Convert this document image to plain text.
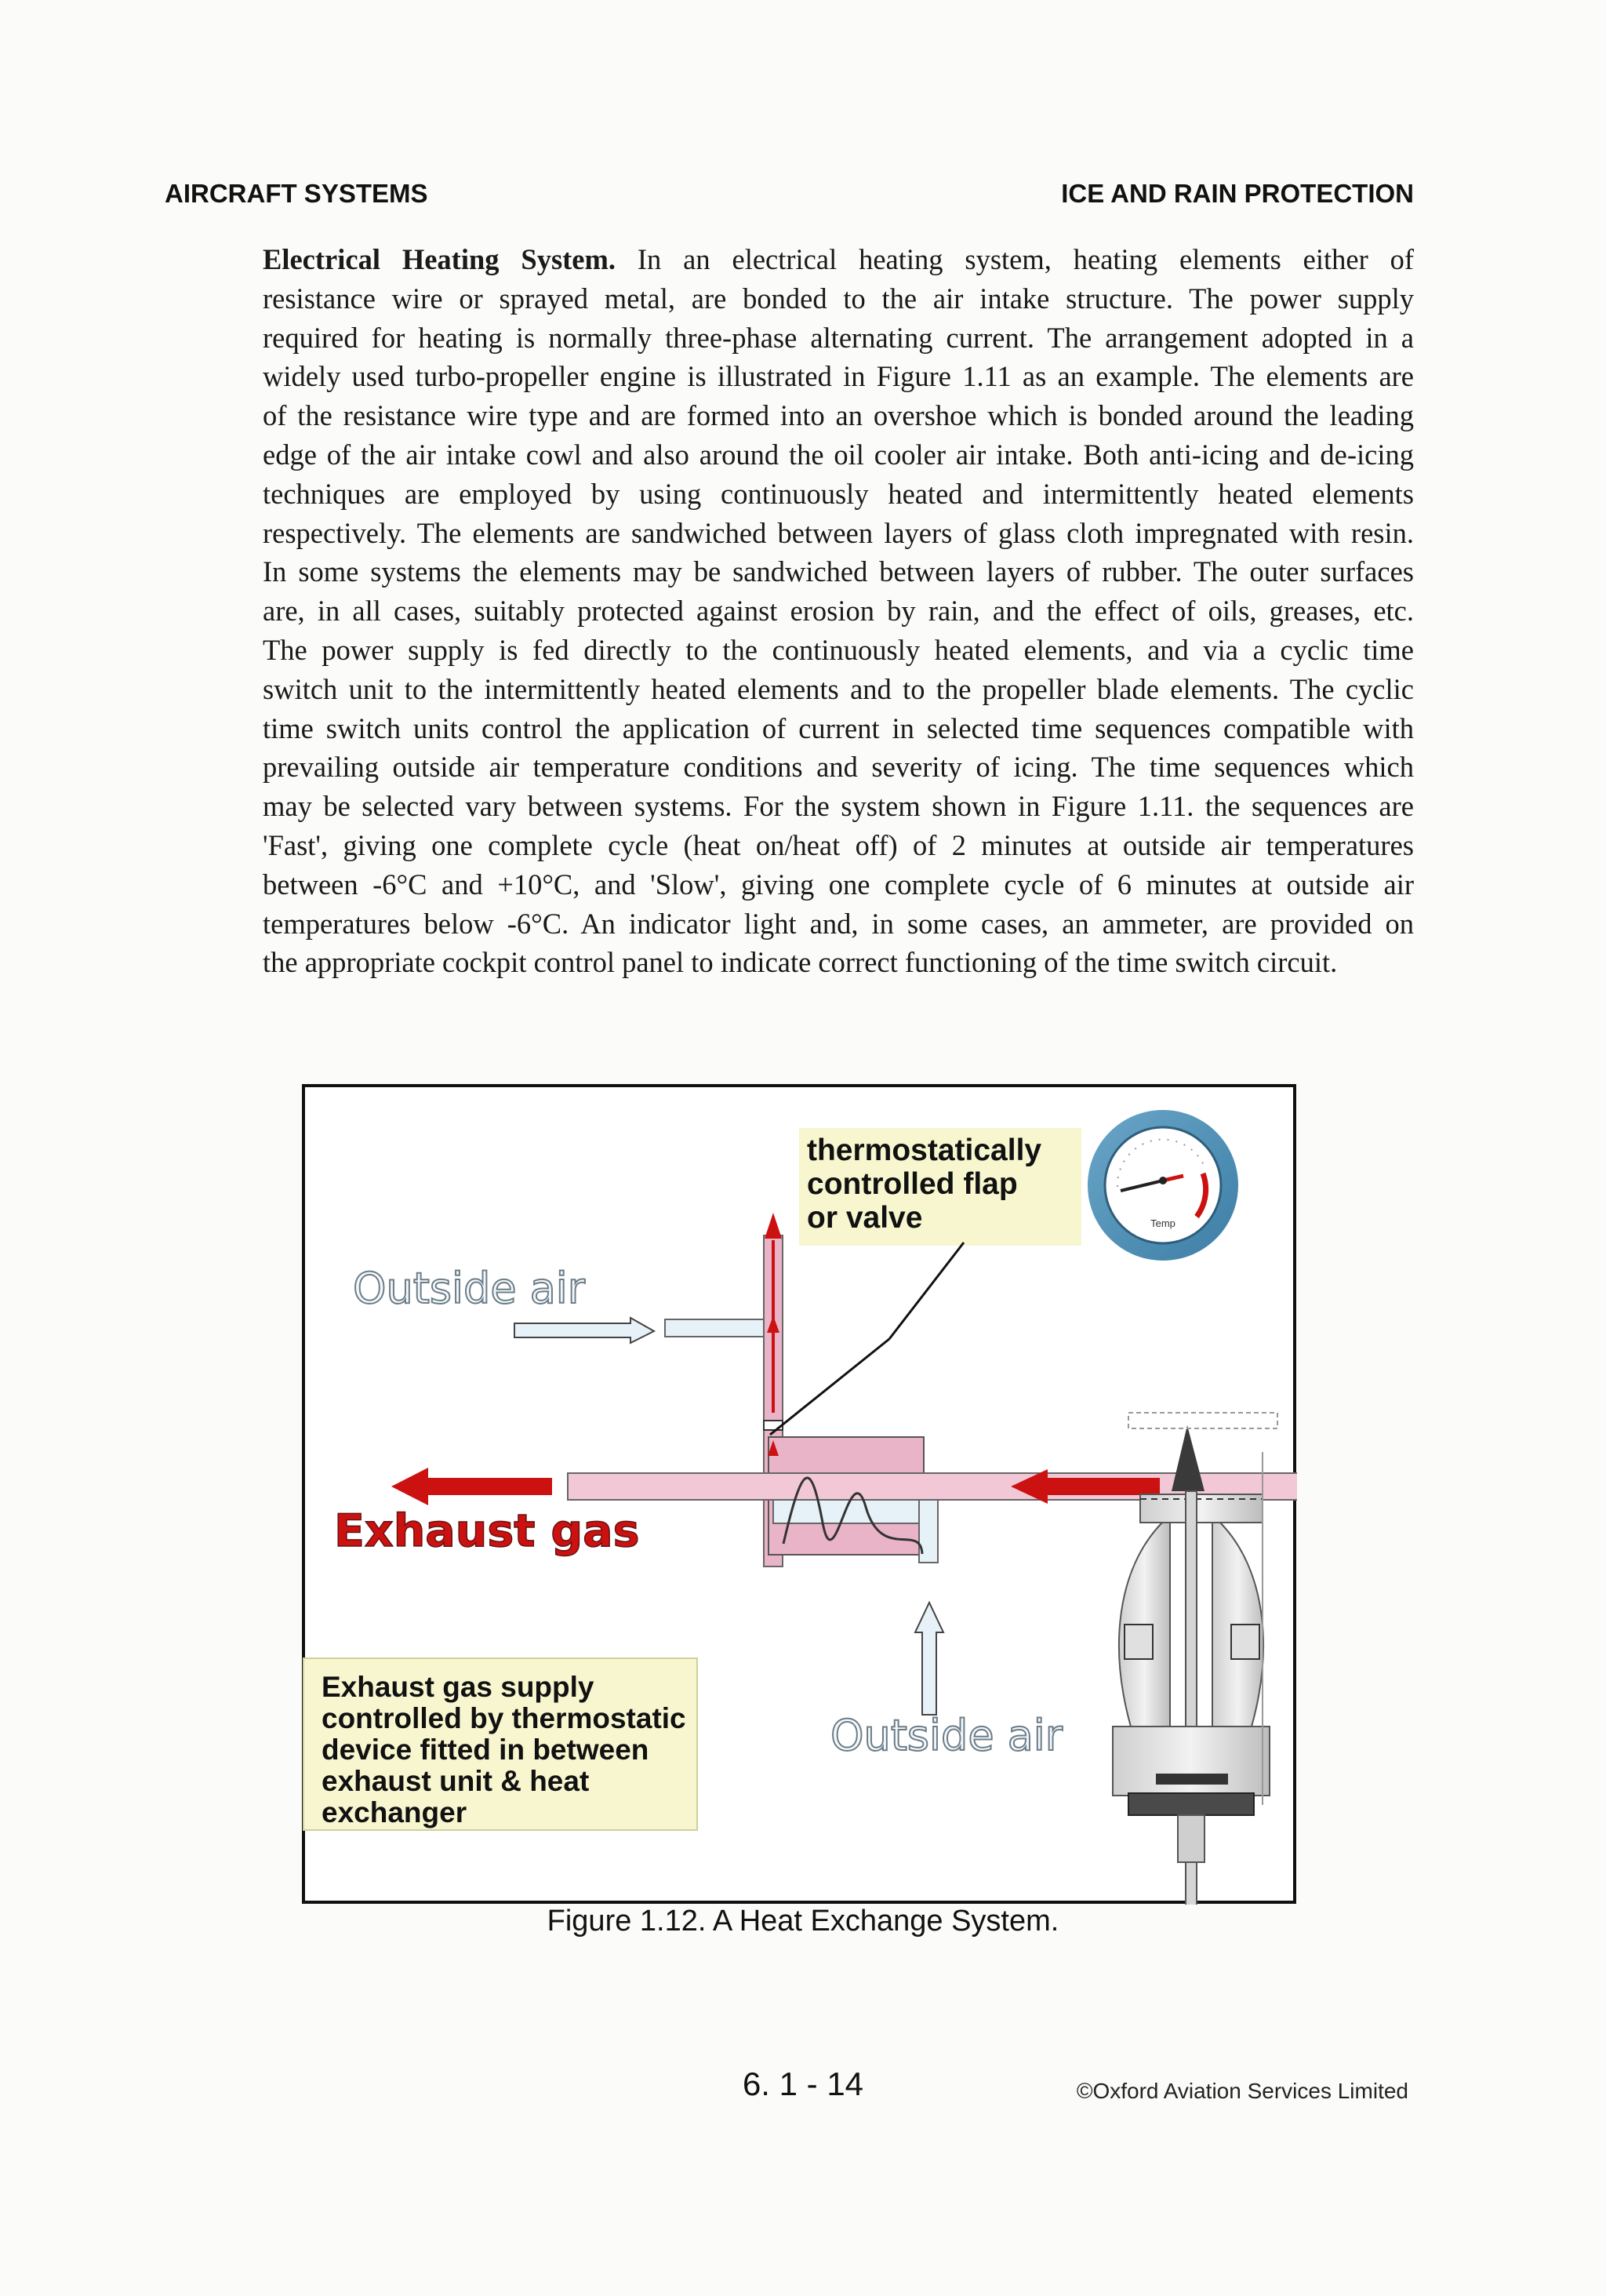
AIRCRAFT SYSTEMS	ICE AND RAIN PROTECTION
Electrical Heating System. In an electrical heating system, heating elements either of
resistance wire or sprayed metal, are bonded to the air intake structure. The power supply
required for heating is normally three-phase alternating current. The arrangement adopted in a
widely used turbo-propeller engine is illustrated in Figure 1.11 as an example. The elements are
of the resistance wire type and are formed into an overshoe which is bonded around the leading
edge of the air intake cowl and also around the oil cooler air intake. Both anti-icing and de-icing
techniques are employed by using continuously heated and intermittently heated elements
respectively. The elements are sandwiched between layers of glass cloth impregnated with resin.
In some systems the elements may be sandwiched between layers of rubber. The outer surfaces
are, in all cases, suitably protected against erosion by rain, and the effect of oils, greases, etc.
The power supply is fed directly to the continuously heated elements, and via a cyclic time
switch unit to the intermittently heated elements and to the propeller blade elements. The cyclic
time switch units control the application of current in selected time sequences compatible with
prevailing outside air temperature conditions and severity of icing. The time sequences which
may be selected vary between systems. For the system shown in Figure 1.11. the sequences are
'Fast', giving one complete cycle (heat on/heat off) of 2 minutes at outside air temperatures
between -6°C and +10°C, and 'Slow', giving one complete cycle of 6 minutes at outside air
temperatures below -6°C. An indicator light and, in some cases, an ammeter, are provided on
the appropriate cockpit control panel to indicate correct functioning of the time switch circuit.
thermostatically controlled flap or valve	Temp
Outside air
Exhaust gas
Outside air
Exhaust gas supply controlled by thermostatic device fitted in between exhaust unit & heat exchanger
Figure 1.12. A Heat Exchange System.
6. 1 - 14	©Oxford Aviation Services Limited
